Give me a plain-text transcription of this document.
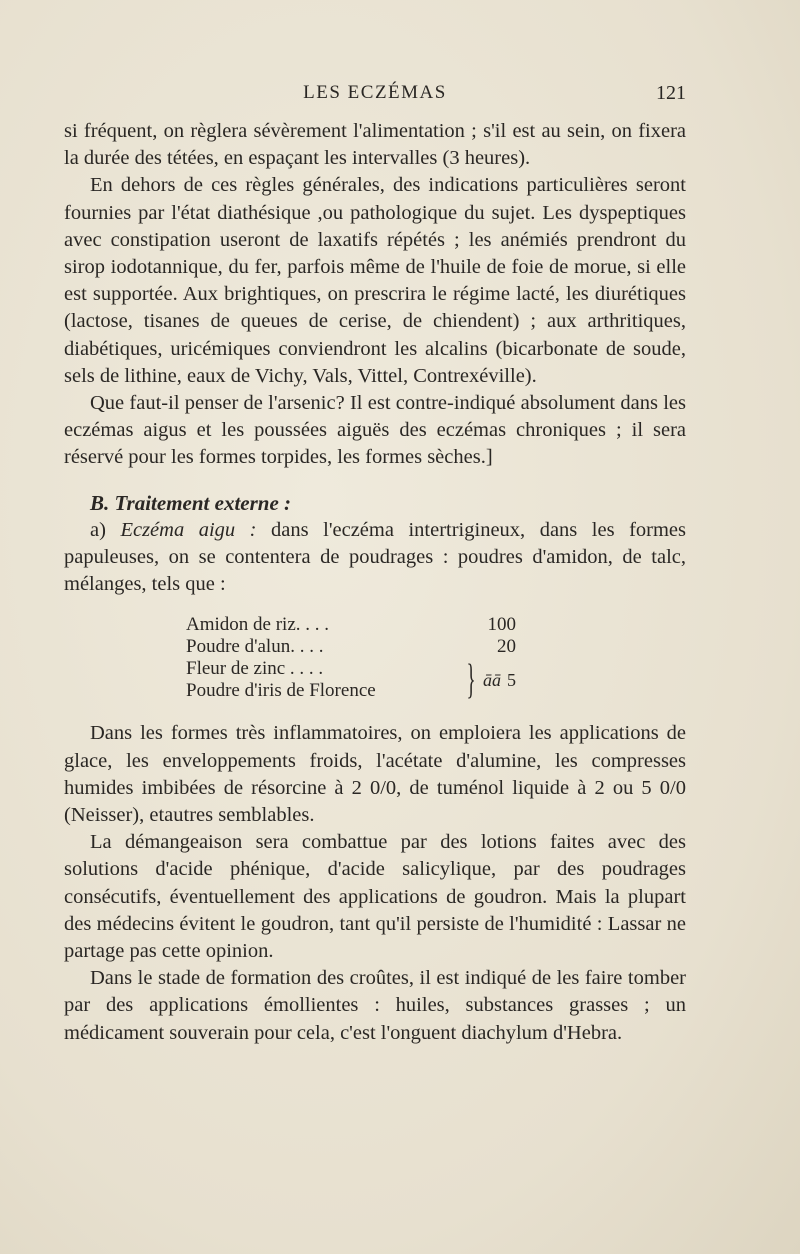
LES ECZÉMAS	121

si fréquent, on règlera sévèrement l'alimentation ; s'il est au sein, on fixera la durée des tétées, en espaçant les intervalles (3 heures).

En dehors de ces règles générales, des indications particulières seront fournies par l'état diathésique ,ou pathologique du sujet. Les dyspeptiques avec constipation useront de laxatifs répétés ; les anémiés prendront du sirop iodotannique, du fer, parfois même de l'huile de foie de morue, si elle est supportée. Aux brightiques, on prescrira le régime lacté, les diurétiques (lactose, tisanes de queues de cerise, de chiendent) ; aux arthritiques, diabétiques, uricémiques conviendront les alcalins (bicarbonate de soude, sels de lithine, eaux de Vichy, Vals, Vittel, Contrexéville).

Que faut-il penser de l'arsenic? Il est contre-indiqué absolument dans les eczémas aigus et les poussées aiguës des eczémas chroniques ; il sera réservé pour les formes torpides, les formes sèches.]

B. Traitement externe :

a) Eczéma aigu : dans l'eczéma intertrigineux, dans les formes papuleuses, on se contentera de poudrages : poudres d'amidon, de talc, mélanges, tels que :

Amidon de riz. . . .	100
Poudre d'alun. . . .	20
Fleur de zinc . . . .
Poudre d'iris de Florence	} āā 5

Dans les formes très inflammatoires, on emploiera les applications de glace, les enveloppements froids, l'acétate d'alumine, les compresses humides imbibées de résorcine à 2 0/0, de tuménol liquide à 2 ou 5 0/0 (Neisser), etautres semblables.

La démangeaison sera combattue par des lotions faites avec des solutions d'acide phénique, d'acide salicylique, par des poudrages consécutifs, éventuellement des applications de goudron. Mais la plupart des médecins évitent le goudron, tant qu'il persiste de l'humidité : Lassar ne partage pas cette opinion.

Dans le stade de formation des croûtes, il est indiqué de les faire tomber par des applications émollientes : huiles, substances grasses ; un médicament souverain pour cela, c'est l'onguent diachylum d'Hebra.
